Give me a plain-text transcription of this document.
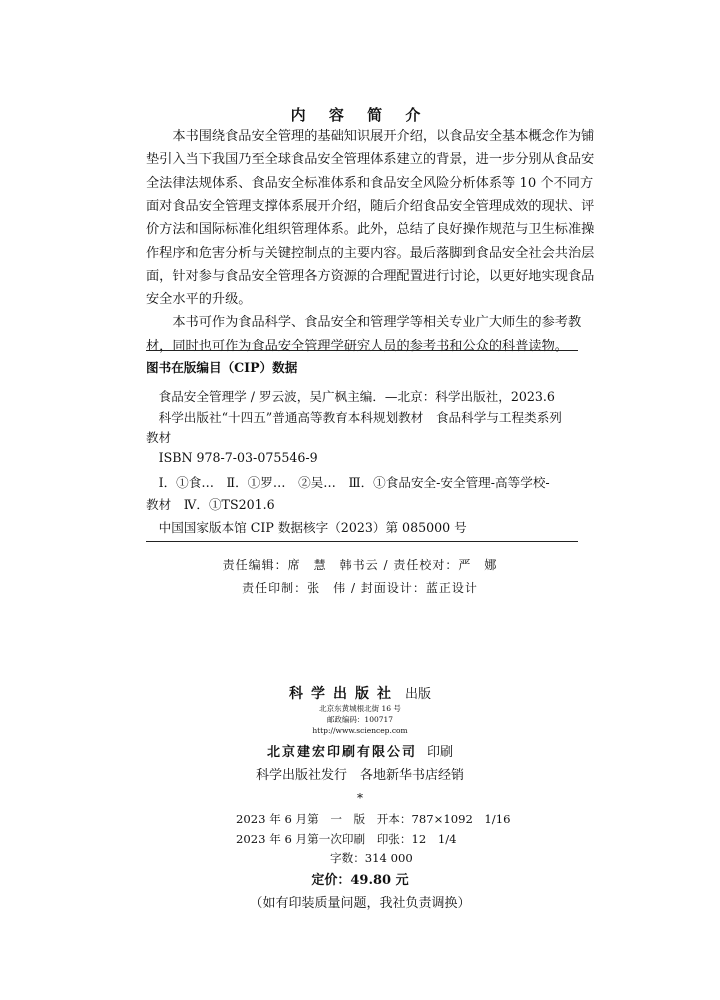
内 容 简 介
　　本书围绕食品安全管理的基础知识展开介绍，以食品安全基本概念作为铺
垫引入当下我国乃至全球食品安全管理体系建立的背景，进一步分别从食品安
全法律法规体系、食品安全标准体系和食品安全风险分析体系等 10 个不同方
面对食品安全管理支撑体系展开介绍，随后介绍食品安全管理成效的现状、评
价方法和国际标准化组织管理体系。此外，总结了良好操作规范与卫生标准操
作程序和危害分析与关键控制点的主要内容。最后落脚到食品安全社会共治层
面，针对参与食品安全管理各方资源的合理配置进行讨论，以更好地实现食品
安全水平的升级。
　　本书可作为食品科学、食品安全和管理学等相关专业广大师生的参考教
材，同时也可作为食品安全管理学研究人员的参考书和公众的科普读物。
图书在版编目（CIP）数据
　食品安全管理学 / 罗云波，吴广枫主编．—北京：科学出版社，2023.6
　科学出版社“十四五”普通高等教育本科规划教材　食品科学与工程类系列
教材
　ISBN 978-7-03-075546-9
　Ⅰ．①食…　Ⅱ．①罗…　②吴…　Ⅲ．①食品安全-安全管理-高等学校-
教材　Ⅳ．①TS201.6
　中国国家版本馆 CIP 数据核字（2023）第 085000 号
责任编辑：席　慧　韩书云 / 责任校对：严　娜
责任印制：张　伟 / 封面设计：蓝正设计
科学出版社 出版
北京东黄城根北街 16 号
邮政编码：100717
http://www.sciencep.com
北京建宏印刷有限公司 印刷
科学出版社发行　各地新华书店经销
*
2023 年 6 月第　一　版　开本：787×1092　1/16
2023 年 6 月第一次印刷　印张：12　1/4
字数：314 000
定价：49.80 元
（如有印装质量问题，我社负责调换）
